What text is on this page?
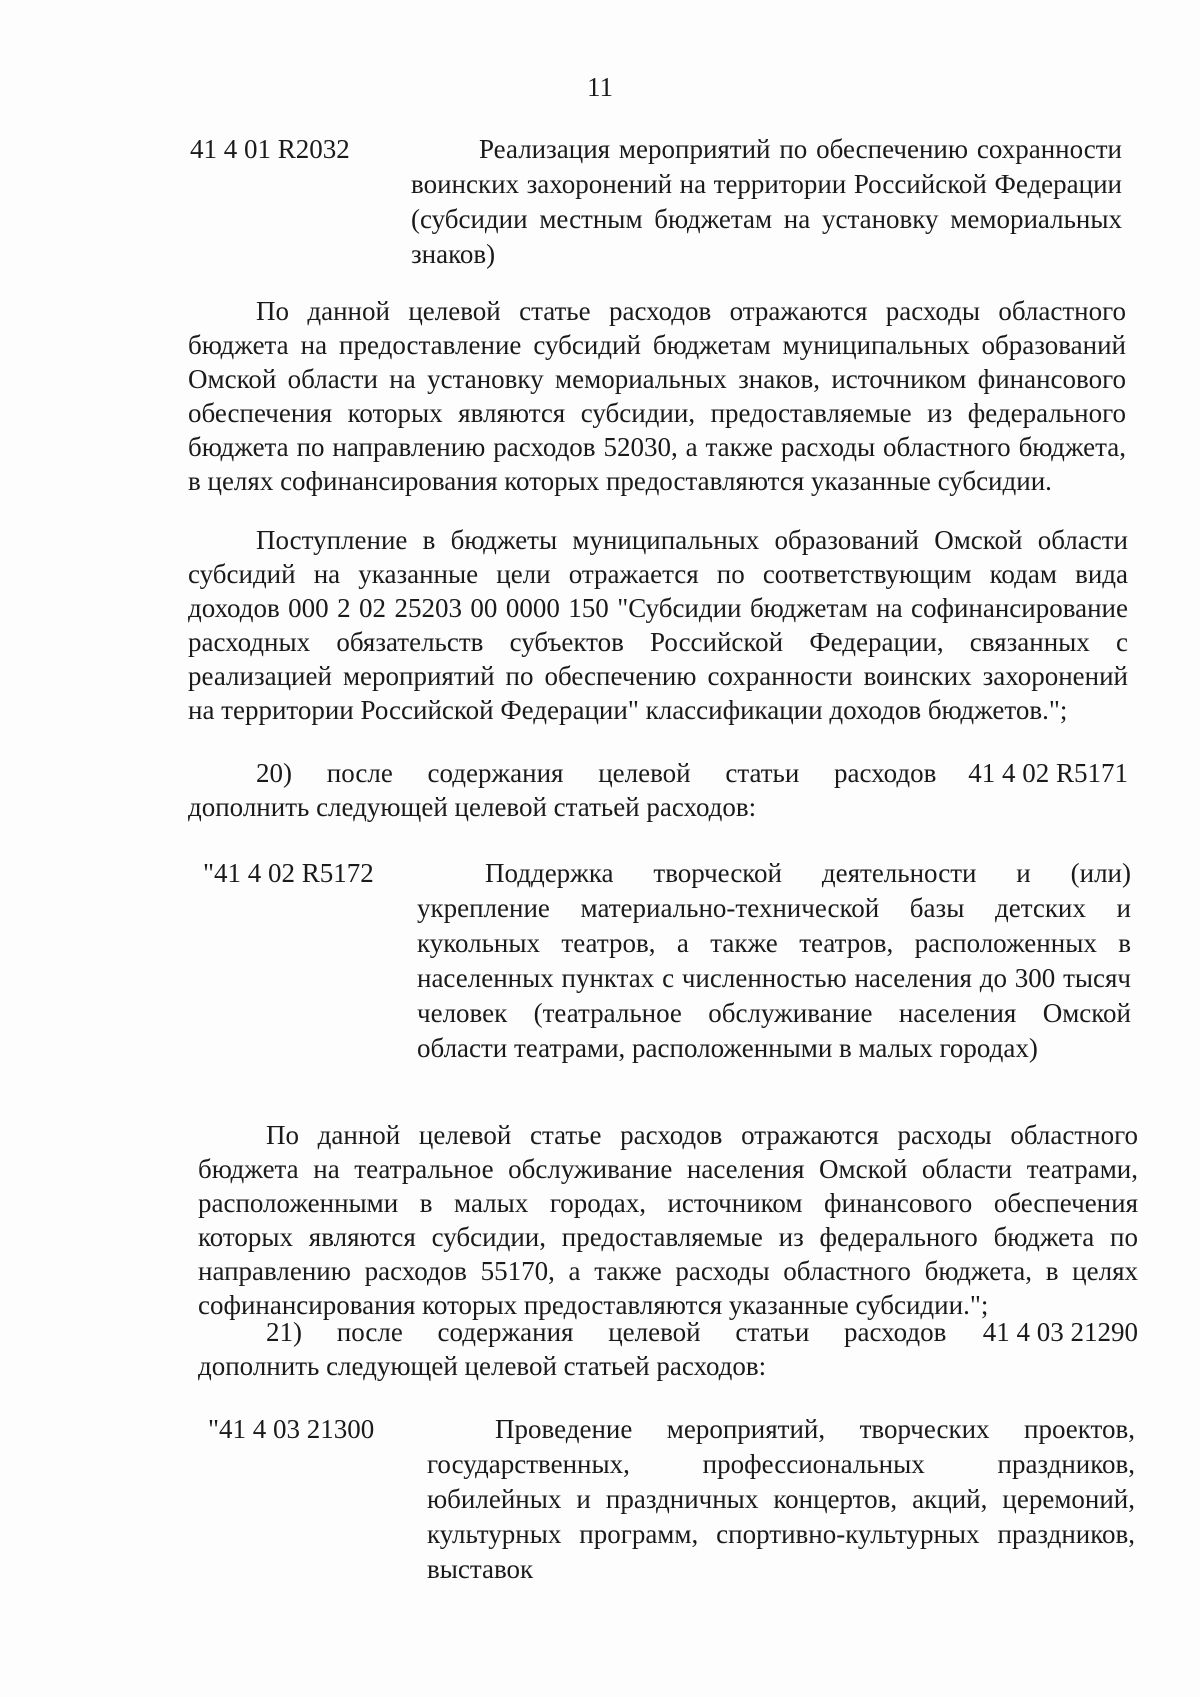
11
41 4 01 R2032	Реализация мероприятий по обеспечению сохранности воинских захоронений на территории Российской Федерации (субсидии местным бюджетам на установку мемориальных знаков)

По данной целевой статье расходов отражаются расходы областного бюджета на предоставление субсидий бюджетам муниципальных образований Омской области на установку мемориальных знаков, источником финансового обеспечения которых являются субсидии, предоставляемые из федерального бюджета по направлению расходов 52030, а также расходы областного бюджета, в целях софинансирования которых предоставляются указанные субсидии.

Поступление в бюджеты муниципальных образований Омской области субсидий на указанные цели отражается по соответствующим кодам вида доходов 000 2 02 25203 00 0000 150 "Субсидии бюджетам на софинансирование расходных обязательств субъектов Российской Федерации, связанных с реализацией мероприятий по обеспечению сохранности воинских захоронений на территории Российской Федерации" классификации доходов бюджетов.";

20) после содержания целевой статьи расходов 41 4 02 R5171
дополнить следующей целевой статьей расходов:
"41 4 02 R5172	Поддержка творческой деятельности и (или) укрепление материально-технической базы детских и кукольных театров, а также театров, расположенных в населенных пунктах с численностью населения до 300 тысяч человек (театральное обслуживание населения Омской области театрами, расположенными в малых городах)

По данной целевой статье расходов отражаются расходы областного бюджета на театральное обслуживание населения Омской области театрами, расположенными в малых городах, источником финансового обеспечения которых являются субсидии, предоставляемые из федерального бюджета по направлению расходов 55170, а также расходы областного бюджета, в целях софинансирования которых предоставляются указанные субсидии.";

21) после содержания целевой статьи расходов 41 4 03 21290
дополнить следующей целевой статьей расходов:
"41 4 03 21300	Проведение мероприятий, творческих проектов, государственных, профессиональных праздников, юбилейных и праздничных концертов, акций, церемоний, культурных программ, спортивно-культурных праздников, выставок
